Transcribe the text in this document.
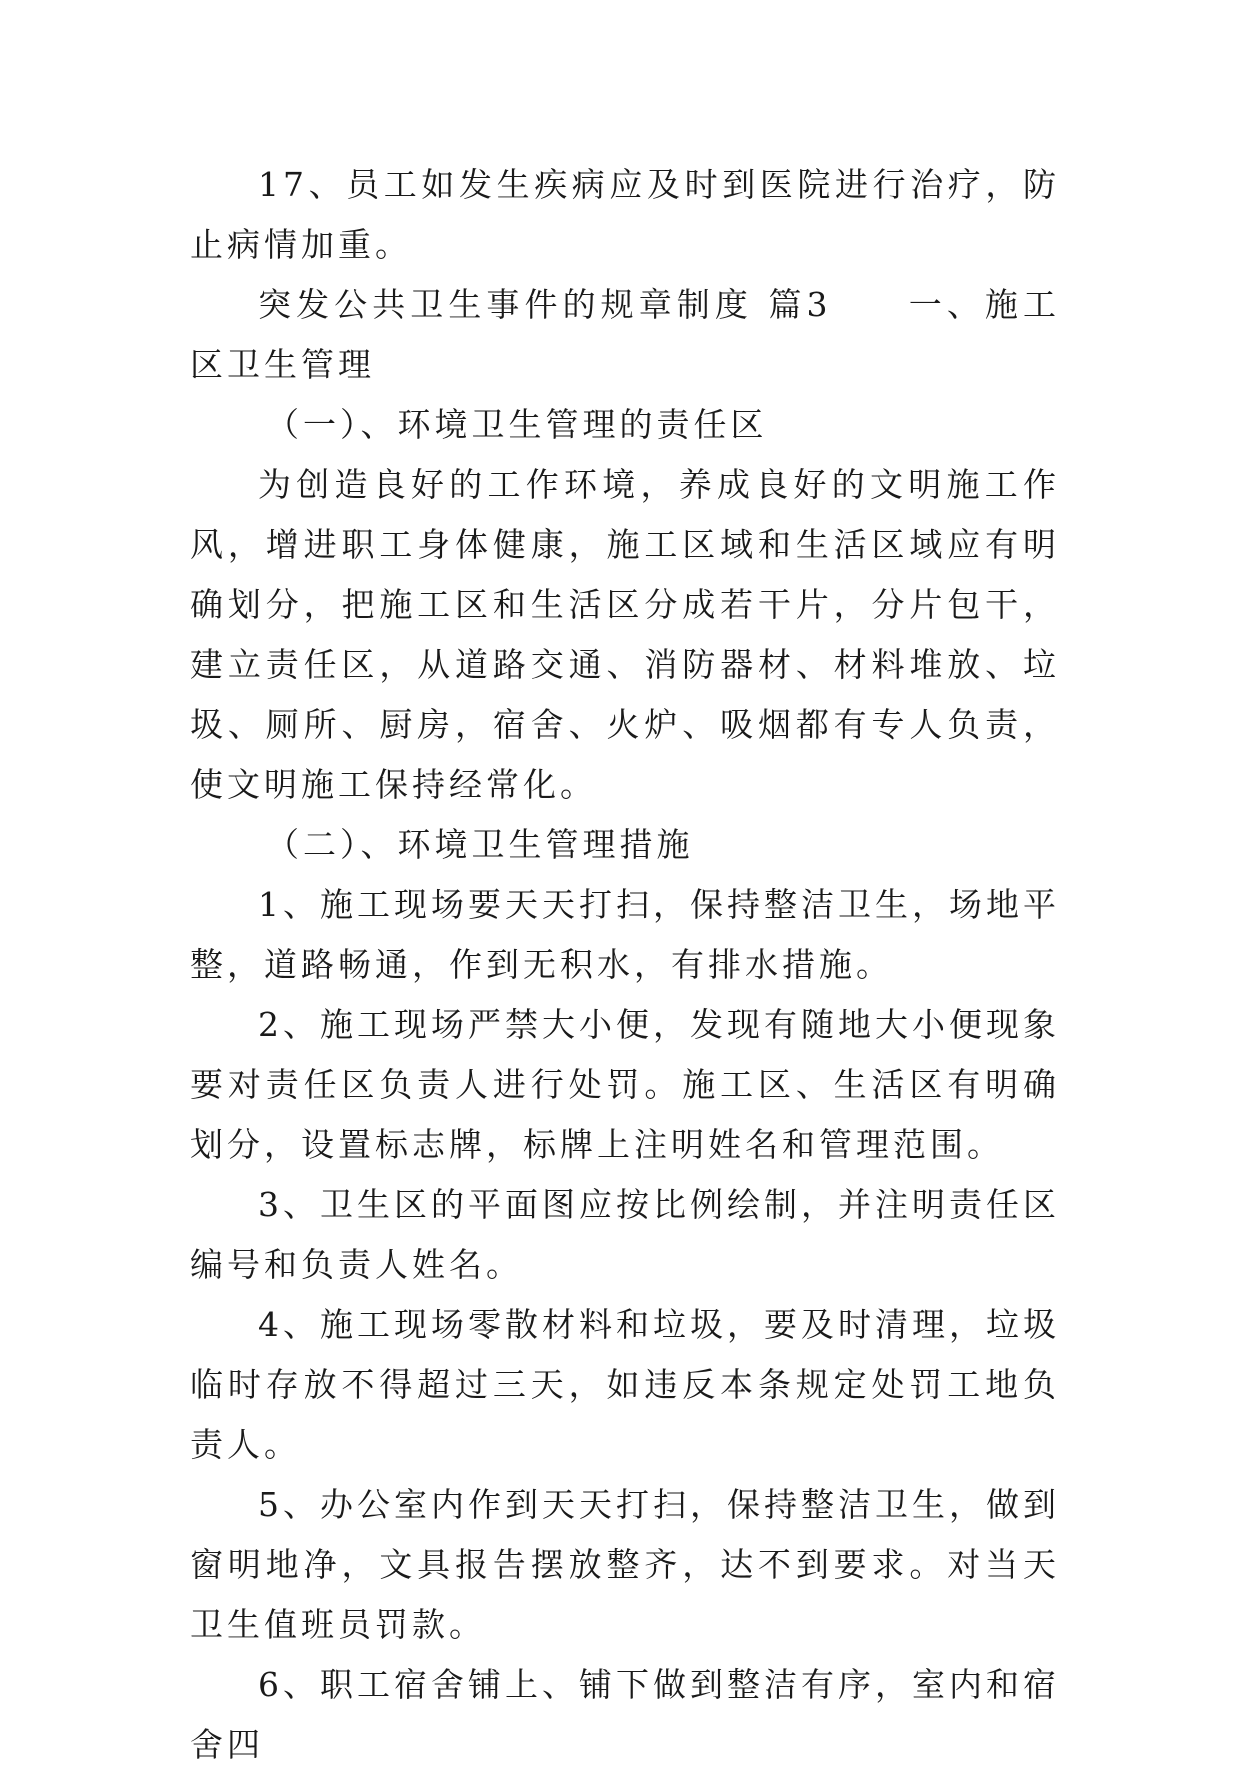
17、员工如发生疾病应及时到医院进行治疗，防止病情加重。

突发公共卫生事件的规章制度 篇3　　一、施工区卫生管理

（一）、环境卫生管理的责任区

为创造良好的工作环境，养成良好的文明施工作风，增进职工身体健康，施工区域和生活区域应有明确划分，把施工区和生活区分成若干片，分片包干，建立责任区，从道路交通、消防器材、材料堆放、垃圾、厕所、厨房，宿舍、火炉、吸烟都有专人负责，使文明施工保持经常化。

（二）、环境卫生管理措施

1、施工现场要天天打扫，保持整洁卫生，场地平整，道路畅通，作到无积水，有排水措施。

2、施工现场严禁大小便，发现有随地大小便现象要对责任区负责人进行处罚。施工区、生活区有明确划分，设置标志牌，标牌上注明姓名和管理范围。

3、卫生区的平面图应按比例绘制，并注明责任区编号和负责人姓名。

4、施工现场零散材料和垃圾，要及时清理，垃圾临时存放不得超过三天，如违反本条规定处罚工地负责人。

5、办公室内作到天天打扫，保持整洁卫生，做到窗明地净，文具报告摆放整齐，达不到要求。对当天卫生值班员罚款。

6、职工宿舍铺上、铺下做到整洁有序，室内和宿舍四
